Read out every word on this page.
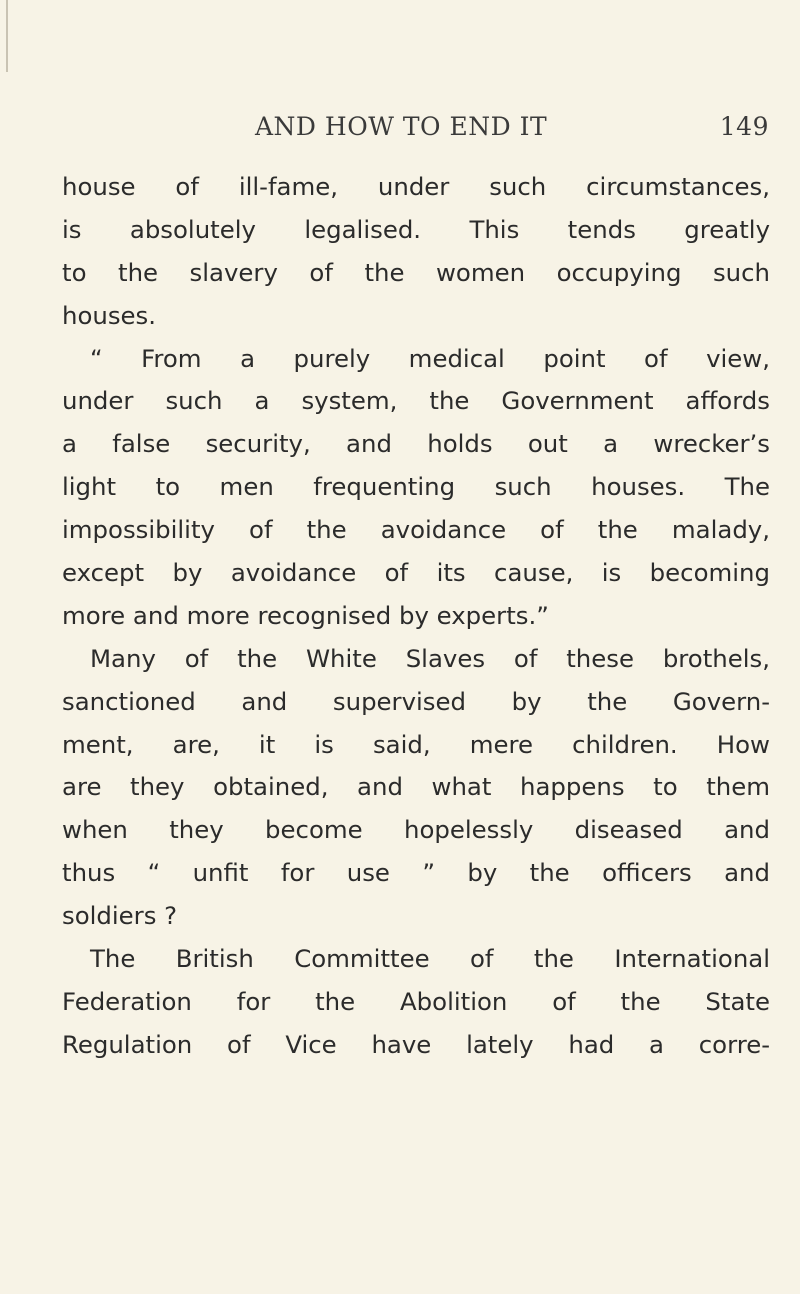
AND HOW TO END IT	149
house of ill-fame, under such circumstances,
is absolutely legalised. This tends greatly
to the slavery of the women occupying such
houses.
“ From a purely medical point of view,
under such a system, the Government affords
a false security, and holds out a wrecker’s
light to men frequenting such houses. The
impossibility of the avoidance of the malady,
except by avoidance of its cause, is becoming
more and more recognised by experts.”
Many of the White Slaves of these brothels,
sanctioned and supervised by the Govern-
ment, are, it is said, mere children. How
are they obtained, and what happens to them
when they become hopelessly diseased and
thus “ unfit for use ” by the officers and
soldiers ?
The British Committee of the International
Federation for the Abolition of the State
Regulation of Vice have lately had a corre-
